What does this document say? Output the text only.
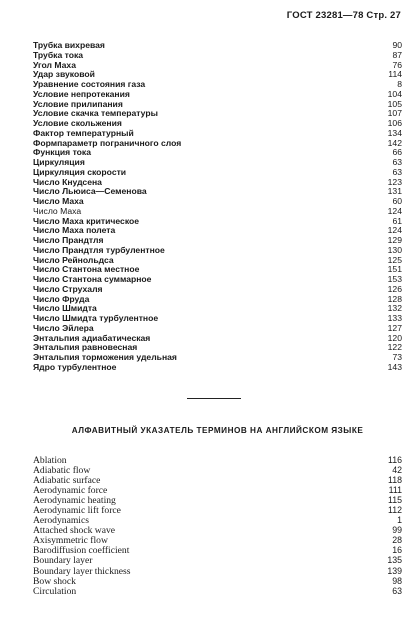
ГОСТ 23281—78 Стр. 27
Трубка вихревая	90
Трубка тока	87
Угол Маха	76
Удар звуковой	114
Уравнение состояния газа	8
Условие непротекания	104
Условие прилипания	105
Условие скачка температуры	107
Условие скольжения	106
Фактор температурный	134
Формпараметр пограничного слоя	142
Функция тока	66
Циркуляция	63
Циркуляция скорости	63
Число Кнудсена	123
Число Льюиса—Семенова	131
Число Маха	60
Число Маха	124
Число Маха критическое	61
Число Маха полета	124
Число Прандтля	129
Число Прандтля турбулентное	130
Число Рейнольдса	125
Число Стантона местное	151
Число Стантона суммарное	153
Число Струхаля	126
Число Фруда	128
Число Шмидта	132
Число Шмидта турбулентное	133
Число Эйлера	127
Энтальпия адиабатическая	120
Энтальпия равновесная	122
Энтальпия торможения удельная	73
Ядро турбулентное	143
АЛФАВИТНЫЙ УКАЗАТЕЛЬ ТЕРМИНОВ НА АНГЛИЙСКОМ ЯЗЫКЕ
Ablation	116
Adiabatic flow	42
Adiabatic surface	118
Aerodynamic force	111
Aerodynamic heating	115
Aerodynamic lift force	112
Aerodynamics	1
Attached shock wave	99
Axisymmetric flow	28
Barodiffusion coefficient	16
Boundary layer	135
Boundary layer thickness	139
Bow shock	98
Circulation	63
